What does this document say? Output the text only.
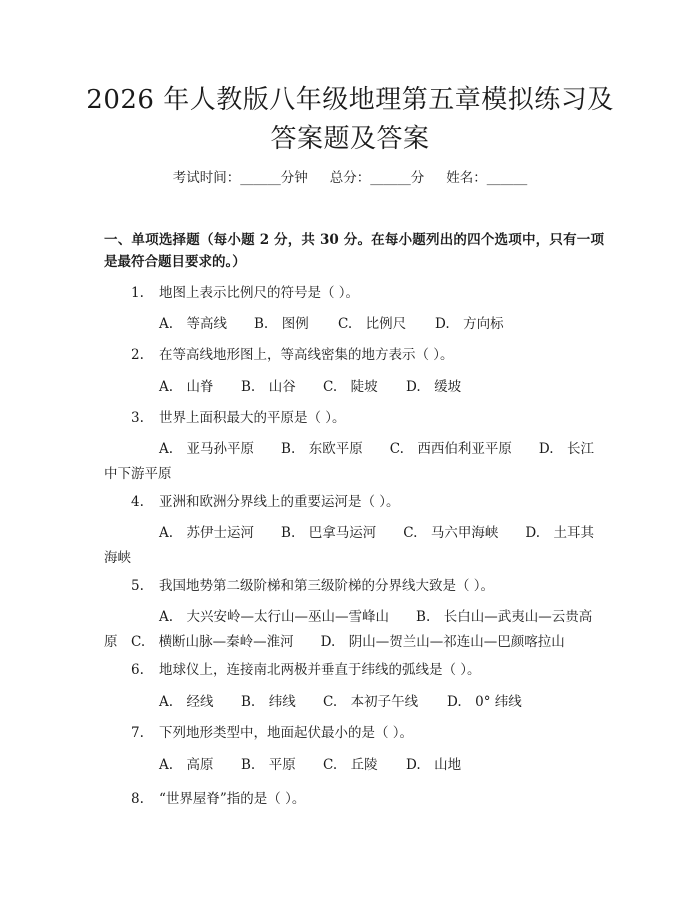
2026 年人教版八年级地理第五章模拟练习及
答案题及答案
考试时间：______分钟 总分：______分 姓名：______
一、单项选择题（每小题 2 分，共 30 分。在每小题列出的四个选项中，只有一项是最符合题目要求的。）
1. 地图上表示比例尺的符号是（ ）。
A.　等高线 B.　图例 C.　比例尺 D.　方向标
2. 在等高线地形图上，等高线密集的地方表示（ ）。
A.　山脊 B.　山谷 C.　陡坡 D.　缓坡
3. 世界上面积最大的平原是（ ）。
A.　亚马孙平原　　B.　东欧平原　　C.　西西伯利亚平原　　D.　长江
中下游平原
4. 亚洲和欧洲分界线上的重要运河是（ ）。
A.　苏伊士运河　　B.　巴拿马运河　　C.　马六甲海峡　　D.　土耳其
海峡
5. 我国地势第二级阶梯和第三级阶梯的分界线大致是（ ）。
A.　大兴安岭—太行山—巫山—雪峰山　　B.　长白山—武夷山—云贵高
原　C.　横断山脉—秦岭—淮河　　D.　阴山—贺兰山—祁连山—巴颜喀拉山
6. 地球仪上，连接南北两极并垂直于纬线的弧线是（ ）。
A.　经线 B.　纬线 C.　本初子午线 D.　0° 纬线
7. 下列地形类型中，地面起伏最小的是（ ）。
A.　高原 B.　平原 C.　丘陵 D.　山地
8. “世界屋脊”指的是（ ）。
